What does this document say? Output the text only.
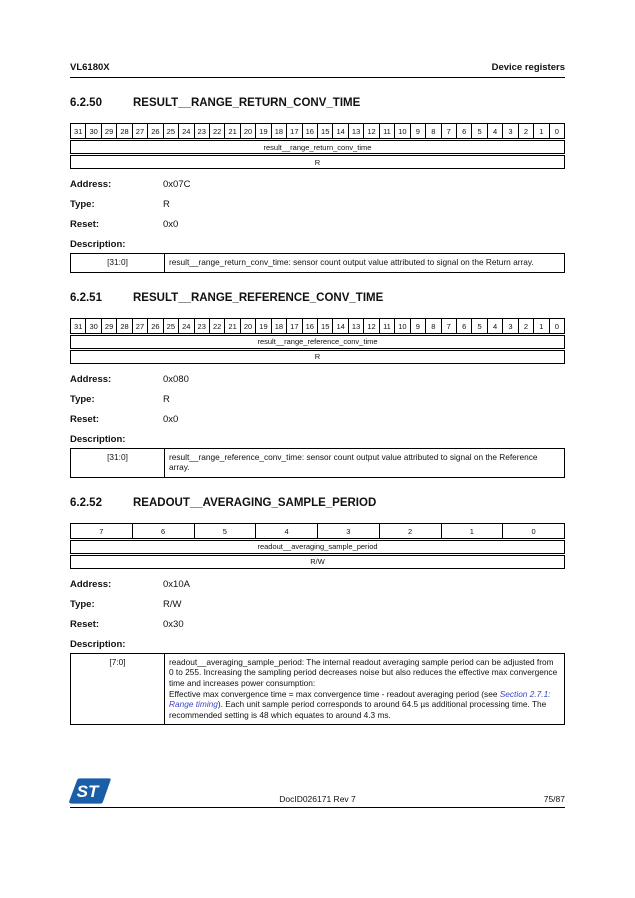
VL6180X	Device registers
6.2.50	RESULT__RANGE_RETURN_CONV_TIME
31 30 29 28 27 26 25 24 23 22 21 20 19 18 17 16 15 14 13 12 11 10	9	8	7	6	5	4	3	2	1	0
result__range_return_conv_time
R
Address:	0x07C
Type:	R
Reset:	0x0
Description:
[31:0]	result__range_return_conv_time: sensor count output value attributed to signal on the Return array.
6.2.51	RESULT__RANGE_REFERENCE_CONV_TIME
31 30 29 28 27 26 25 24 23 22 21 20 19 18 17 16 15 14 13 12 11 10	9	8	7	6	5	4	3	2	1	0
result__range_reference_conv_time
R
Address:	0x080
Type:	R
Reset:	0x0
Description:
[31:0]	result__range_reference_conv_time: sensor count output value attributed to signal on the Reference array.
6.2.52	READOUT__AVERAGING_SAMPLE_PERIOD
7	6	5	4	3	2	1	0
readout__averaging_sample_period
R/W
Address:	0x10A
Type:	R/W
Reset:	0x30
Description:
[7:0]	readout__averaging_sample_period: The internal readout averaging sample period can be adjusted from 0 to 255. Increasing the sampling period decreases noise but also reduces the effective max convergence time and increases power consumption:

Effective max convergence time = max convergence time - readout averaging period (see Section 2.7.1: Range timing). Each unit sample period corresponds to around 64.5 µs additional processing time. The recommended setting is 48 which equates to around 4.3 ms.

ST	DocID026171 Rev 7	75/87
